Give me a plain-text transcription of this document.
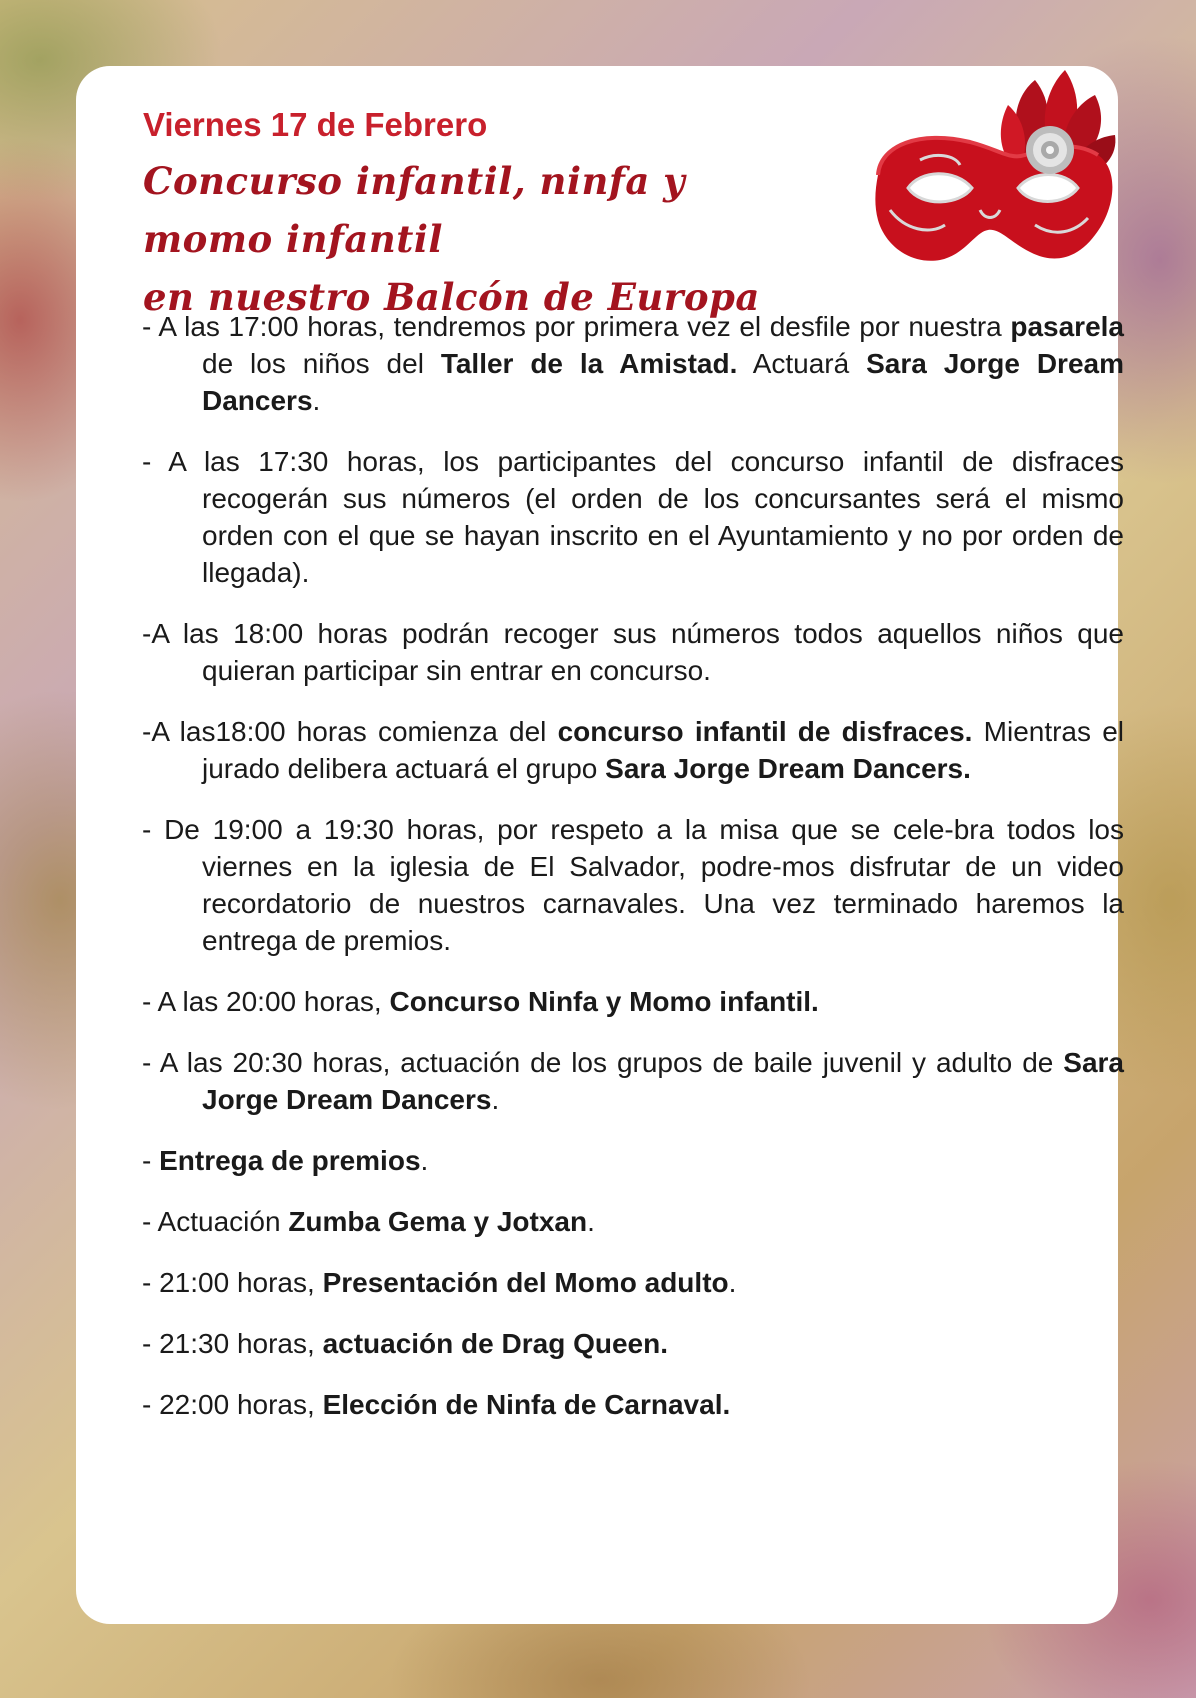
Viernes 17 de Febrero
Concurso infantil, ninfa y momo infantil
en nuestro Balcón de Europa
- A las 17:00 horas, tendremos por primera vez el desfile por nuestra pasarela de los niños del Taller de la Amistad. Actuará Sara Jorge Dream Dancers.
- A las 17:30 horas, los participantes del concurso infantil de disfraces recogerán sus números (el orden de los concursantes será el mismo orden con el que se hayan inscrito en el Ayuntamiento y no por orden de llegada).
-A las 18:00 horas podrán recoger sus números todos aquellos niños que quieran participar sin entrar en concurso.
-A las18:00 horas comienza del concurso infantil de disfraces. Mientras el jurado delibera actuará el grupo Sara Jorge Dream Dancers.
- De 19:00 a 19:30 horas, por respeto a la misa que se cele-bra todos los viernes en la iglesia de El Salvador, podre-mos disfrutar de un video recordatorio de nuestros carnavales. Una vez terminado haremos la entrega de premios.
- A las 20:00 horas, Concurso Ninfa y Momo infantil.
- A las 20:30 horas, actuación de los grupos de baile juvenil y adulto de Sara Jorge Dream Dancers.
- Entrega de premios.
- Actuación Zumba Gema y Jotxan.
- 21:00 horas, Presentación del Momo adulto.
- 21:30 horas, actuación de Drag Queen.
- 22:00 horas, Elección de Ninfa de Carnaval.
